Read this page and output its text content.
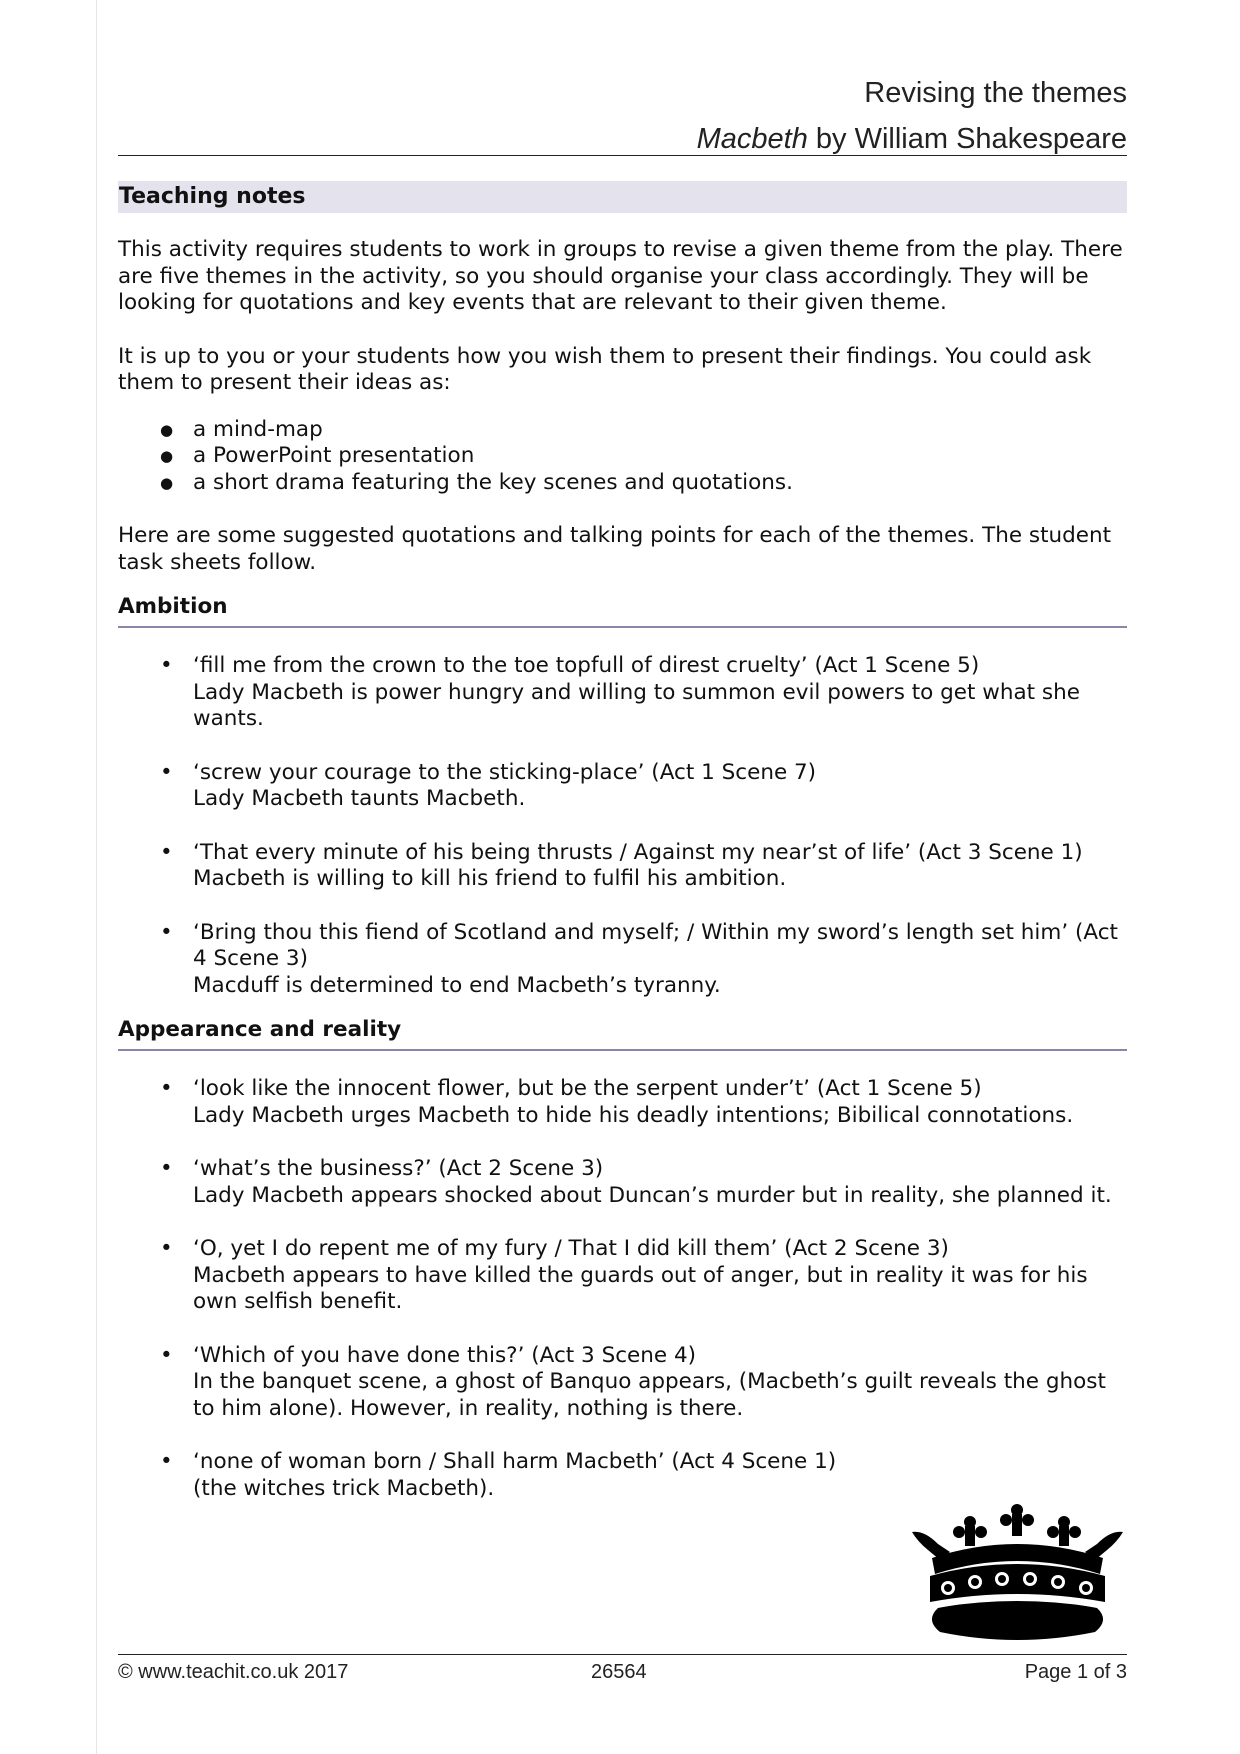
Revising the themes
Macbeth by William Shakespeare
Teaching notes

This activity requires students to work in groups to revise a given theme from the play. There are five themes in the activity, so you should organise your class accordingly. They will be looking for quotations and key events that are relevant to their given theme.

It is up to you or your students how you wish them to present their findings. You could ask them to present their ideas as:

● a mind-map
● a PowerPoint presentation
● a short drama featuring the key scenes and quotations.

Here are some suggested quotations and talking points for each of the themes. The student task sheets follow.

Ambition
• ‘fill me from the crown to the toe topfull of direst cruelty’ (Act 1 Scene 5)
Lady Macbeth is power hungry and willing to summon evil powers to get what she wants.
• ‘screw your courage to the sticking-place’ (Act 1 Scene 7)
Lady Macbeth taunts Macbeth.
• ‘That every minute of his being thrusts / Against my near’st of life’ (Act 3 Scene 1)
Macbeth is willing to kill his friend to fulfil his ambition.
• ‘Bring thou this fiend of Scotland and myself; / Within my sword’s length set him’ (Act 4 Scene 3)
Macduff is determined to end Macbeth’s tyranny.
Appearance and reality
• ‘look like the innocent flower, but be the serpent under’t’ (Act 1 Scene 5)
Lady Macbeth urges Macbeth to hide his deadly intentions; Bibilical connotations.
• ‘what’s the business?’ (Act 2 Scene 3)
Lady Macbeth appears shocked about Duncan’s murder but in reality, she planned it.
• ‘O, yet I do repent me of my fury / That I did kill them’ (Act 2 Scene 3)
Macbeth appears to have killed the guards out of anger, but in reality it was for his own selfish benefit.
• ‘Which of you have done this?’ (Act 3 Scene 4)
In the banquet scene, a ghost of Banquo appears, (Macbeth’s guilt reveals the ghost to him alone). However, in reality, nothing is there.
• ‘none of woman born / Shall harm Macbeth’ (Act 4 Scene 1)
(the witches trick Macbeth).
© www.teachit.co.uk 2017	26564	Page 1 of 3
